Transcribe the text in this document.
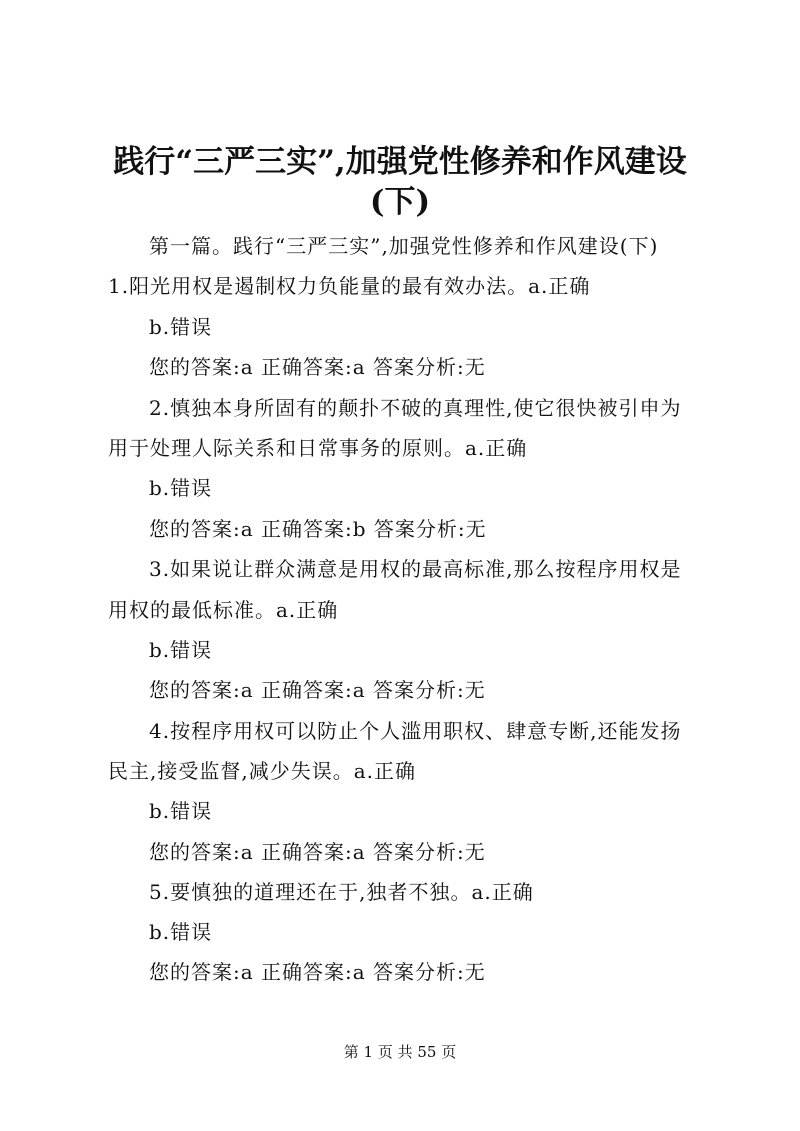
践行“三严三实”,加强党性修养和作风建设
(下)
第一篇。践行“三严三实”,加强党性修养和作风建设(下)
1.阳光用权是遏制权力负能量的最有效办法。a.正确
b.错误
您的答案:a 正确答案:a 答案分析:无
2.慎独本身所固有的颠扑不破的真理性,使它很快被引申为
用于处理人际关系和日常事务的原则。a.正确
b.错误
您的答案:a 正确答案:b 答案分析:无
3.如果说让群众满意是用权的最高标准,那么按程序用权是
用权的最低标准。a.正确
b.错误
您的答案:a 正确答案:a 答案分析:无
4.按程序用权可以防止个人滥用职权、肆意专断,还能发扬
民主,接受监督,减少失误。a.正确
b.错误
您的答案:a 正确答案:a 答案分析:无
5.要慎独的道理还在于,独者不独。a.正确
b.错误
您的答案:a 正确答案:a 答案分析:无
第 1 页 共 55 页
